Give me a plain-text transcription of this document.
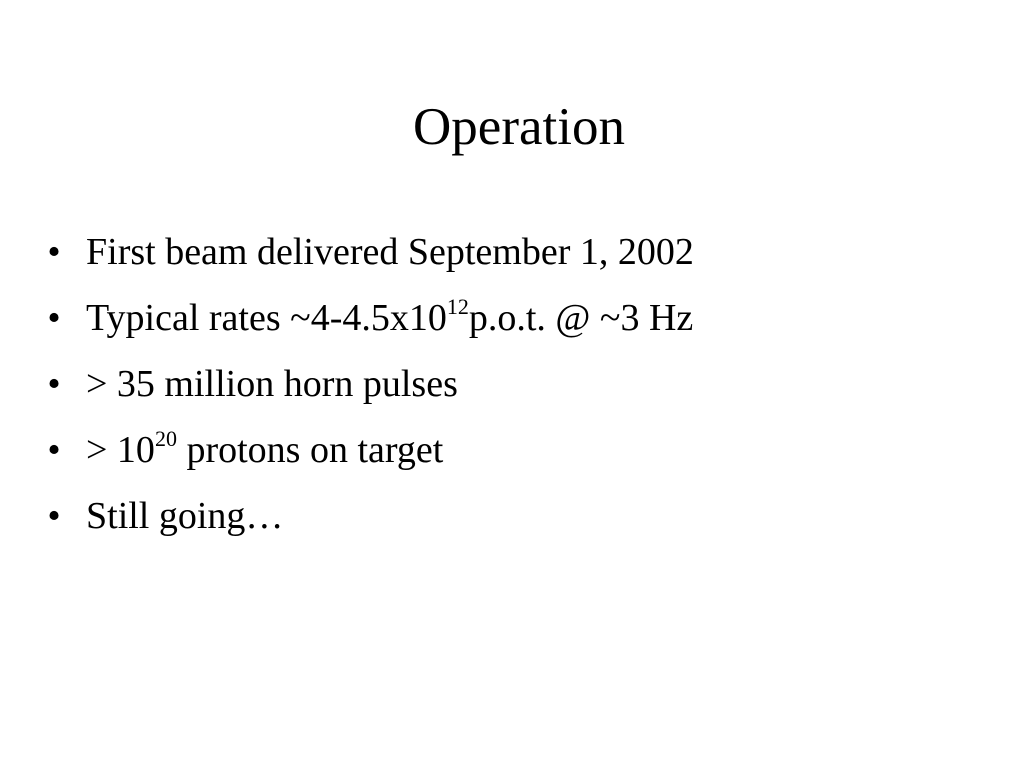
Operation
• First beam delivered September 1, 2002
• Typical rates $\sim 4-4.5x10^{12}p.o.t$. @ ~3 Hz
• > 35 million horn pulses
• > $10^{20}$ protons on target
• Still going…
